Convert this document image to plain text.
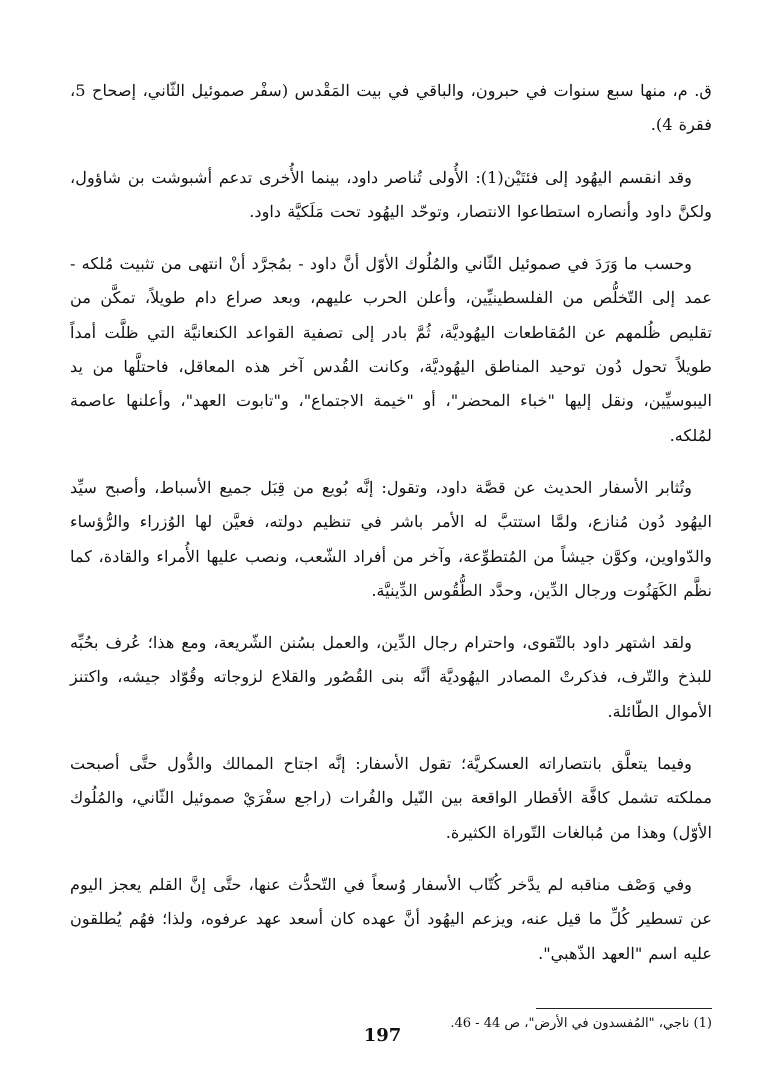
ق. م، منها سبع سنوات في حبرون، والباقي في بيت المَقْدس (سفْر صموئيل الثّاني، إصحاح 5، فقرة 4).

وقد انقسم اليهُود إلى فئتَيْن(1): الأُولى تُناصر داود، بينما الأُخرى تدعم أشبوشت بن شاؤول، ولكنَّ داود وأنصاره استطاعوا الانتصار، وتوحّد اليهُود تحت مَلَكيَّة داود.

وحسب ما وَرَدَ في صموئيل الثّاني والمُلُوك الأوّل أنَّ داود - بمُجرَّد أنْ انتهى من تثبيت مُلكه - عمد إلى التّخلُّص من الفلسطينيِّين، وأعلن الحرب عليهم، وبعد صراع دام طويلاً، تمكَّن من تقليص ظُلمهم عن المُقاطعات اليهُوديَّة، ثُمَّ بادر إلى تصفية القواعد الكنعانيَّة التي ظلَّت أمداً طويلاً تحول دُون توحيد المناطق اليهُوديَّة، وكانت القُدس آخر هذه المعاقل، فاحتلَّها من يد اليبوسيِّين، ونقل إليها "خباء المحضر"، أو "خيمة الاجتماع"، و"تابوت العهد"، وأعلنها عاصمة لمُلكه.

وتُثابر الأسفار الحديث عن قصَّة داود، وتقول: إنَّه بُويع من قِبَل جميع الأسباط، وأصبح سيِّد اليهُود دُون مُنازع، ولمَّا استتبَّ له الأمر باشر في تنظيم دولته، فعيَّن لها الوُزراء والرُّؤساء والدّواوين، وكوَّن جيشاً من المُتطوِّعة، وآخر من أفراد الشّعب، ونصب عليها الأُمراء والقادة، كما نظَّم الكَهَنُوت ورجال الدِّين، وحدَّد الطُّقُوس الدِّينيَّة.

ولقد اشتهر داود بالتّقوى، واحترام رجال الدِّين، والعمل بسُنن الشّريعة، ومع هذا؛ عُرف بحُبِّه للبذخ والتّرف، فذكرتْ المصادر اليهُوديَّة أنَّه بنى القُصُور والقلاع لزوجاته وقُوّاد جيشه، واكتنز الأموال الطّائلة.

وفيما يتعلَّق بانتصاراته العسكريَّة؛ تقول الأسفار: إنَّه اجتاح الممالك والدُّول حتَّى أصبحت مملكته تشمل كافَّة الأقطار الواقعة بين النّيل والفُرات (راجع سفْرَيْ صموئيل الثّاني، والمُلُوك الأوّل) وهذا من مُبالغات التّوراة الكثيرة.

وفي وَصْف مناقبه لم يدَّخر كُتّاب الأسفار وُسعاً في التّحدُّث عنها، حتَّى إنَّ القلم يعجز اليوم عن تسطير كُلِّ ما قيل عنه، ويزعم اليهُود أنَّ عهده كان أسعد عهد عرفوه، ولذا؛ فهُم يُطلقون عليه اسم "العهد الذّهبي".

(1) ناجي، "المُفسدون في الأرض"، ص 44 - 46.
197
